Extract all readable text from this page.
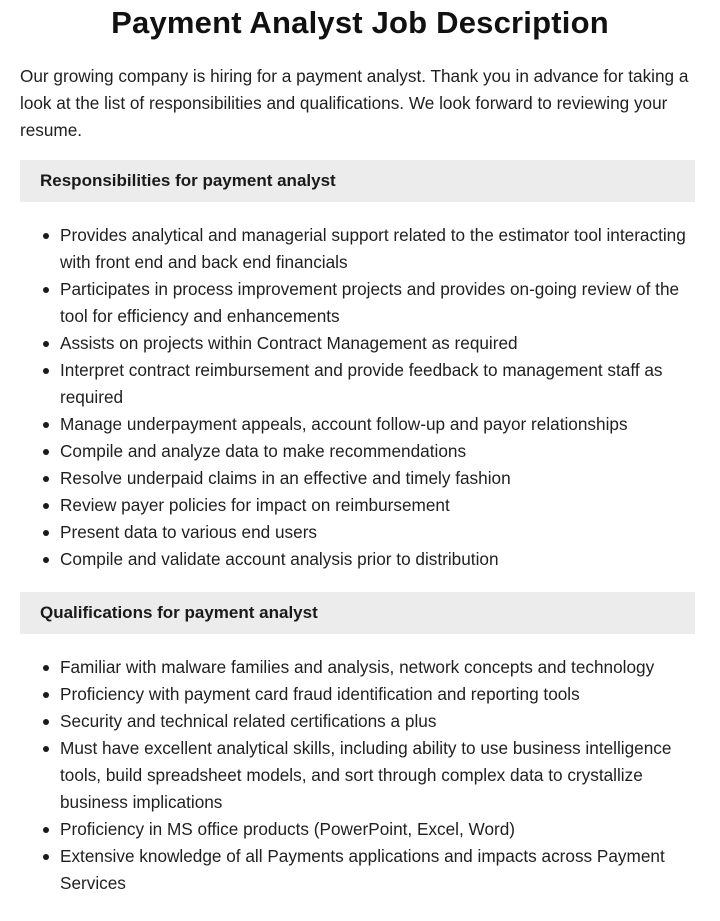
Payment Analyst Job Description

Our growing company is hiring for a payment analyst. Thank you in advance for taking a look at the list of responsibilities and qualifications. We look forward to reviewing your resume.

Responsibilities for payment analyst
Provides analytical and managerial support related to the estimator tool interacting with front end and back end financials
Participates in process improvement projects and provides on-going review of the tool for efficiency and enhancements
Assists on projects within Contract Management as required
Interpret contract reimbursement and provide feedback to management staff as required
Manage underpayment appeals, account follow-up and payor relationships
Compile and analyze data to make recommendations
Resolve underpaid claims in an effective and timely fashion
Review payer policies for impact on reimbursement
Present data to various end users
Compile and validate account analysis prior to distribution
Qualifications for payment analyst
Familiar with malware families and analysis, network concepts and technology
Proficiency with payment card fraud identification and reporting tools
Security and technical related certifications a plus
Must have excellent analytical skills, including ability to use business intelligence tools, build spreadsheet models, and sort through complex data to crystallize business implications
Proficiency in MS office products (PowerPoint, Excel, Word)
Extensive knowledge of all Payments applications and impacts across Payment Services
